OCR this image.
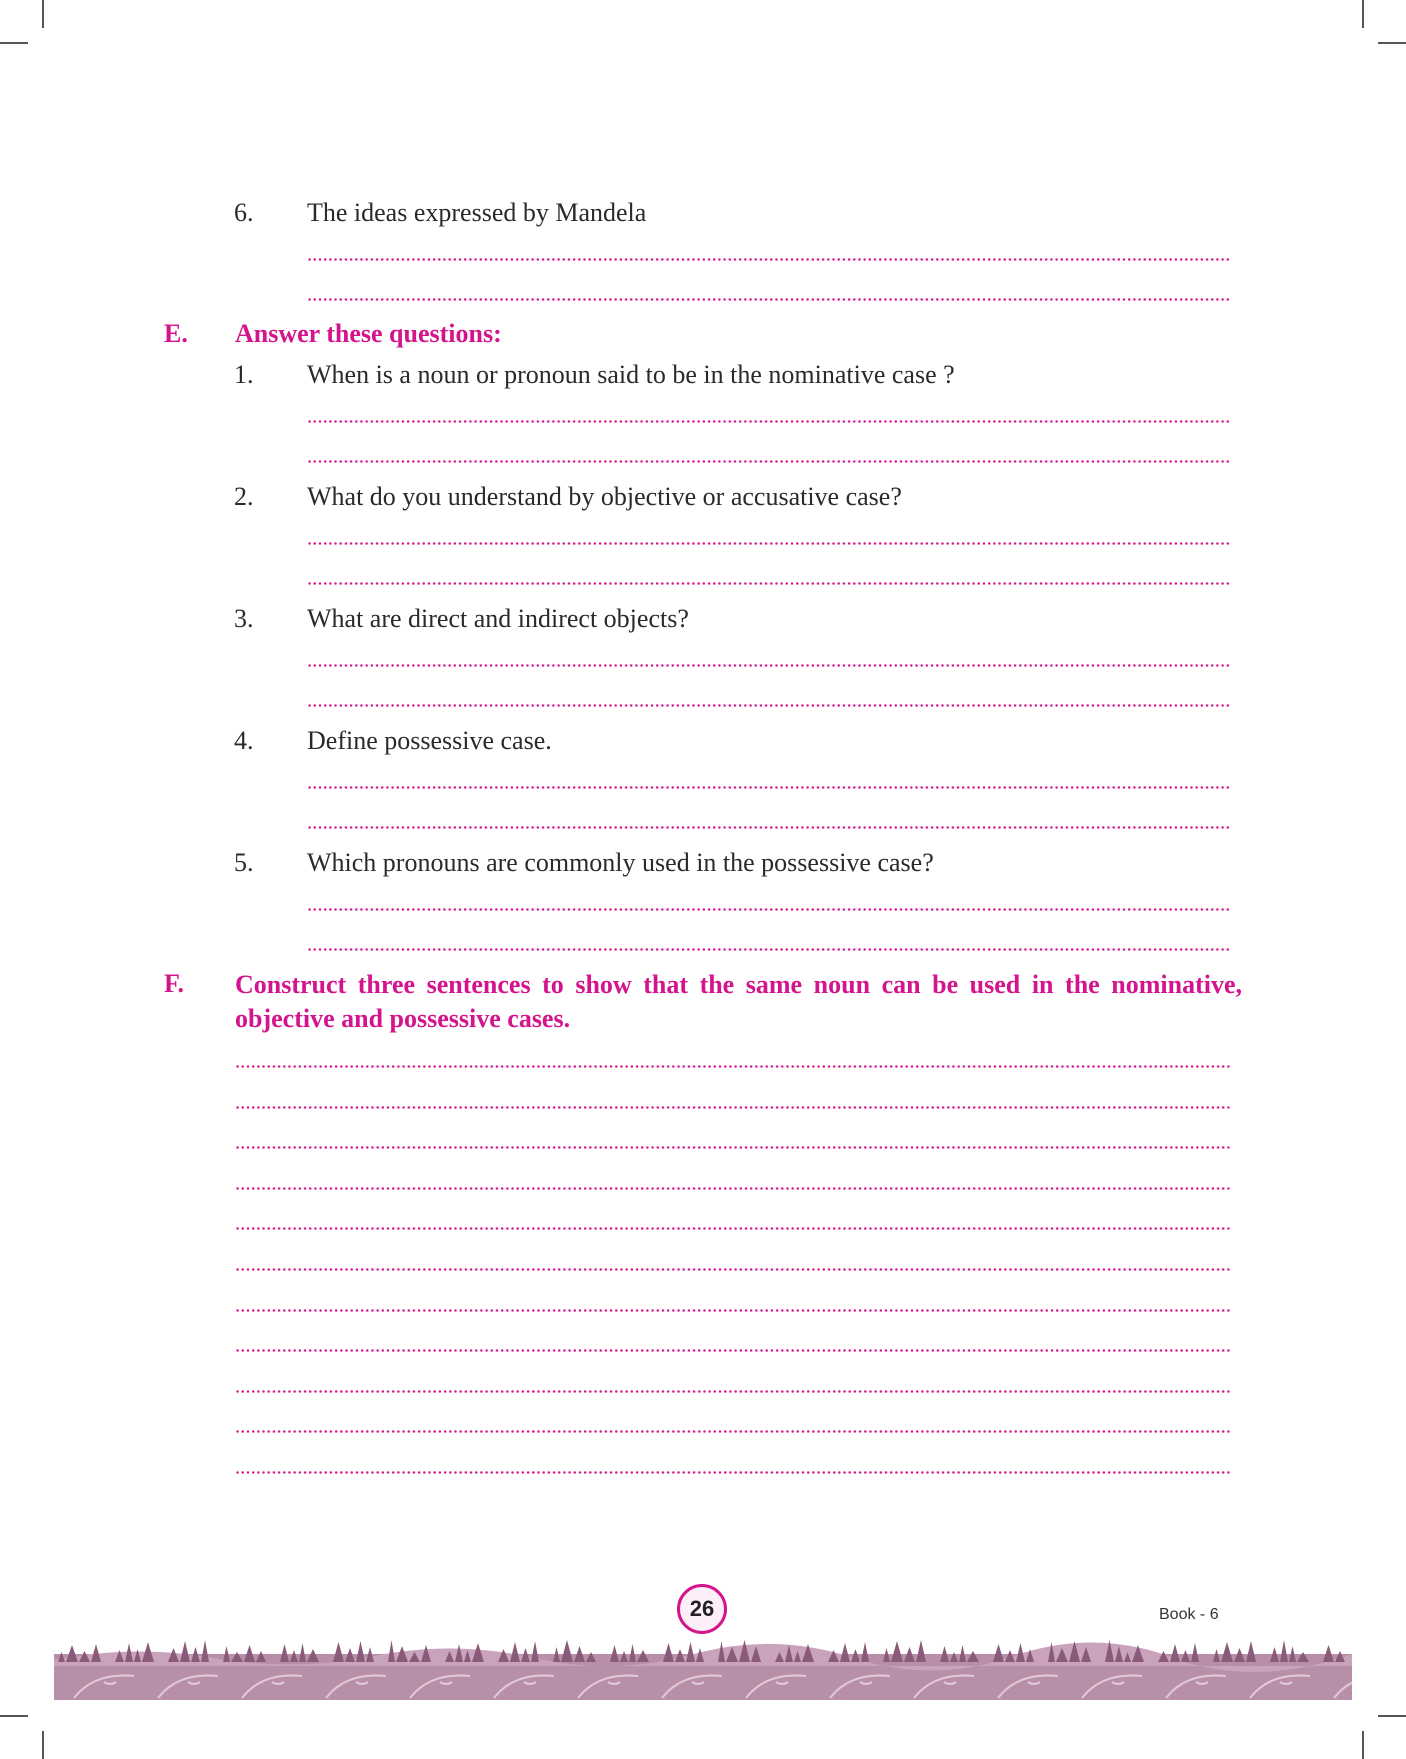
6. The ideas expressed by Mandela
E. Answer these questions:
1. When is a noun or pronoun said to be in the nominative case ?
2. What do you understand by objective or accusative case?
3. What are direct and indirect objects?
4. Define possessive case.
5. Which pronouns are commonly used in the possessive case?
F. Construct three sentences to show that the same noun can be used in the nominative, objective and possessive cases.
26	Book - 6
